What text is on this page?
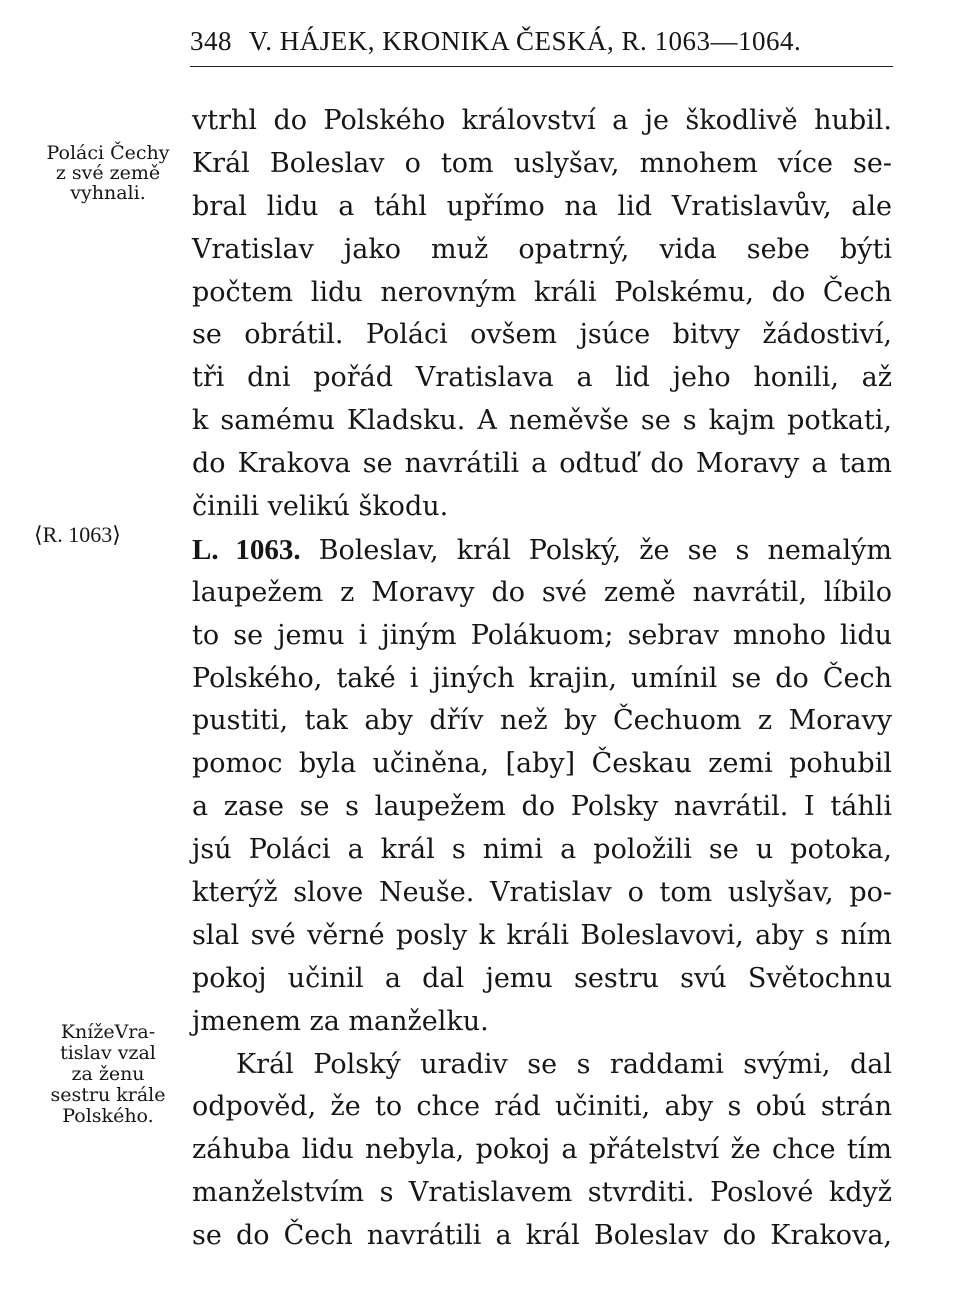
348 V. HÁJEK, KRONIKA ČESKÁ, R. 1063—1064.
Poláci Čechy
z své země
vyhnali.
⟨R. 1063⟩
KnížeVra-
tislav vzal
za ženu
sestru krále
Polského.
vtrhl do Polského království a je škodlivě hubil.
Král Boleslav o tom uslyšav, mnohem více se-
bral lidu a táhl upřímo na lid Vratislavův, ale
Vratislav jako muž opatrný, vida sebe býti
počtem lidu nerovným králi Polskému, do Čech
se obrátil. Poláci ovšem jsúce bitvy žádostiví,
tři dni pořád Vratislava a lid jeho honili, až
k samému Kladsku. A neměvše se s kajm potkati,
do Krakova se navrátili a odtuď do Moravy a tam
činili velikú škodu.
L. 1063. Boleslav, král Polský, že se s nemalým
laupežem z Moravy do své země navrátil, líbilo
to se jemu i jiným Polákuom; sebrav mnoho lidu
Polského, také i jiných krajin, umínil se do Čech
pustiti, tak aby dřív než by Čechuom z Moravy
pomoc byla učiněna, [aby] Českau zemi pohubil
a zase se s laupežem do Polsky navrátil. I táhli
jsú Poláci a král s nimi a položili se u potoka,
kterýž slove Neuše. Vratislav o tom uslyšav, po-
slal své věrné posly k králi Boleslavovi, aby s ním
pokoj učinil a dal jemu sestru svú Světochnu
jmenem za manželku.
Král Polský uradiv se s raddami svými, dal
odpověd, že to chce rád učiniti, aby s obú strán
záhuba lidu nebyla, pokoj a přátelství že chce tím
manželstvím s Vratislavem stvrditi. Poslové když
se do Čech navrátili a král Boleslav do Krakova,
